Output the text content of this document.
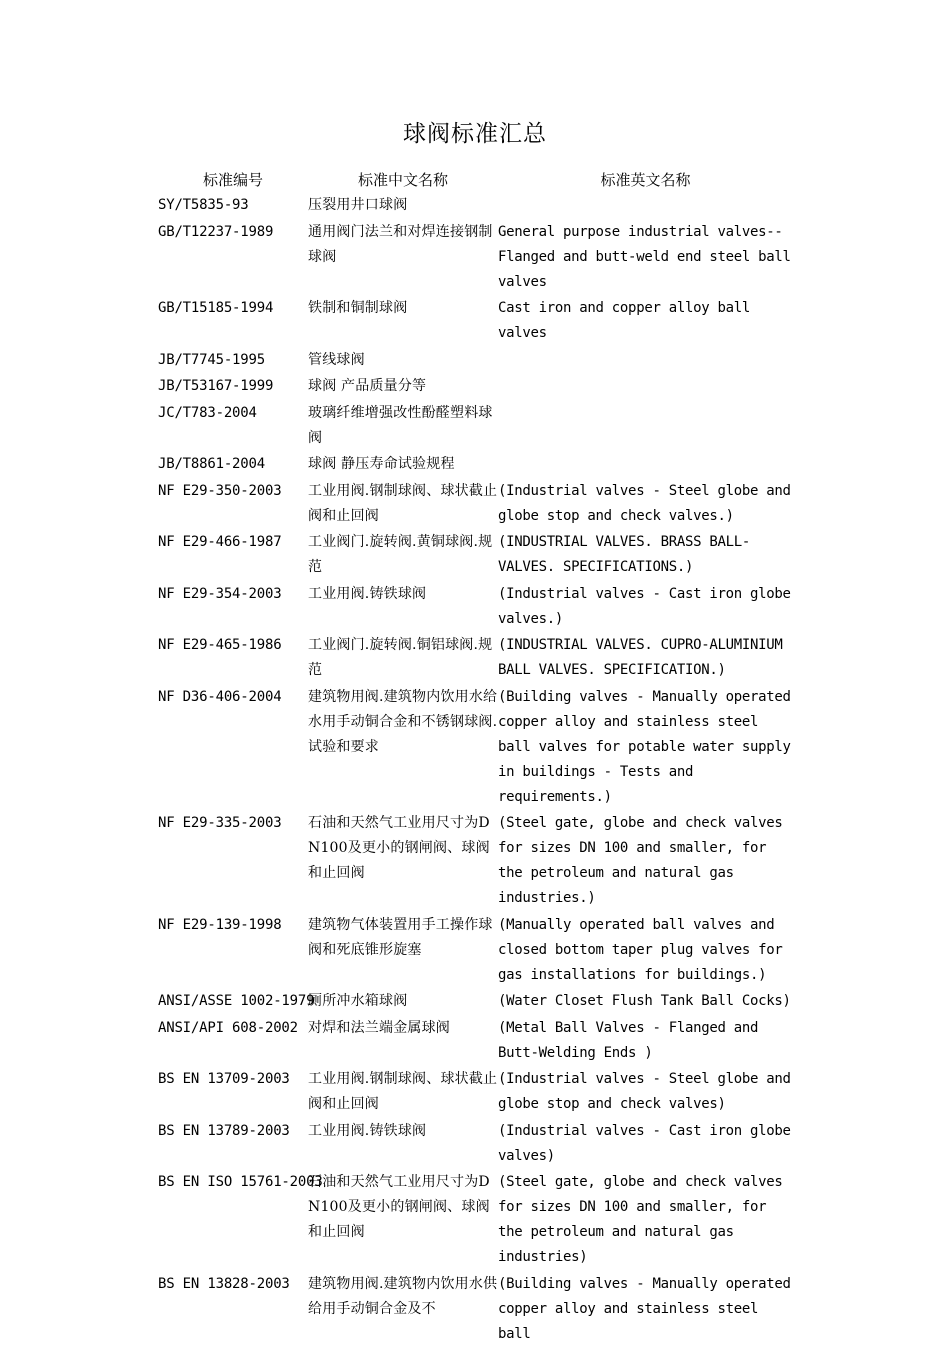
球阀标准汇总
标准编号	标准中文名称	标准英文名称
SY/T5835-93	压裂用井口球阀	
GB/T12237-1989	通用阀门法兰和对焊连接钢制球阀	General purpose industrial valves--Flanged and butt-weld end steel ball valves
GB/T15185-1994	铁制和铜制球阀	Cast iron and copper alloy ball valves
JB/T7745-1995	管线球阀	
JB/T53167-1999	球阀 产品质量分等	
JC/T783-2004	玻璃纤维增强改性酚醛塑料球阀	
JB/T8861-2004	球阀 静压寿命试验规程	
NF E29-350-2003	工业用阀.钢制球阀、球状截止阀和止回阀	(Industrial valves - Steel globe and globe stop and check valves.)
NF E29-466-1987	工业阀门.旋转阀.黄铜球阀.规范	(INDUSTRIAL VALVES. BRASS BALL-VALVES. SPECIFICATIONS.)
NF E29-354-2003	工业用阀.铸铁球阀	(Industrial valves - Cast iron globe valves.)
NF E29-465-1986	工业阀门.旋转阀.铜铝球阀.规范	(INDUSTRIAL VALVES. CUPRO-ALUMINIUM BALL VALVES. SPECIFICATION.)
NF D36-406-2004	建筑物用阀.建筑物内饮用水给水用手动铜合金和不锈钢球阀.试验和要求	(Building valves - Manually operated copper alloy and stainless steel ball valves for potable water supply in buildings - Tests and requirements.)
NF E29-335-2003	石油和天然气工业用尺寸为DN100及更小的钢闸阀、球阀和止回阀	(Steel gate, globe and check valves for sizes DN 100 and smaller, for the petroleum and natural gas industries.)
NF E29-139-1998	建筑物气体装置用手工操作球阀和死底锥形旋塞	(Manually operated ball valves and closed bottom taper plug valves for gas installations for buildings.)
ANSI/ASSE 1002-1979	厕所冲水箱球阀	(Water Closet Flush Tank Ball Cocks)
ANSI/API 608-2002	对焊和法兰端金属球阀	(Metal Ball Valves - Flanged and Butt-Welding Ends )
BS EN 13709-2003	工业用阀.钢制球阀、球状截止阀和止回阀	(Industrial valves - Steel globe and globe stop and check valves)
BS EN 13789-2003	工业用阀.铸铁球阀	(Industrial valves - Cast iron globe valves)
BS EN ISO 15761-2003	石油和天然气工业用尺寸为DN100及更小的钢闸阀、球阀和止回阀	(Steel gate, globe and check valves for sizes DN 100 and smaller, for the petroleum and natural gas industries)
BS EN 13828-2003	建筑物用阀.建筑物内饮用水供给用手动铜合金及不	(Building valves - Manually operated copper alloy and stainless steel ball
